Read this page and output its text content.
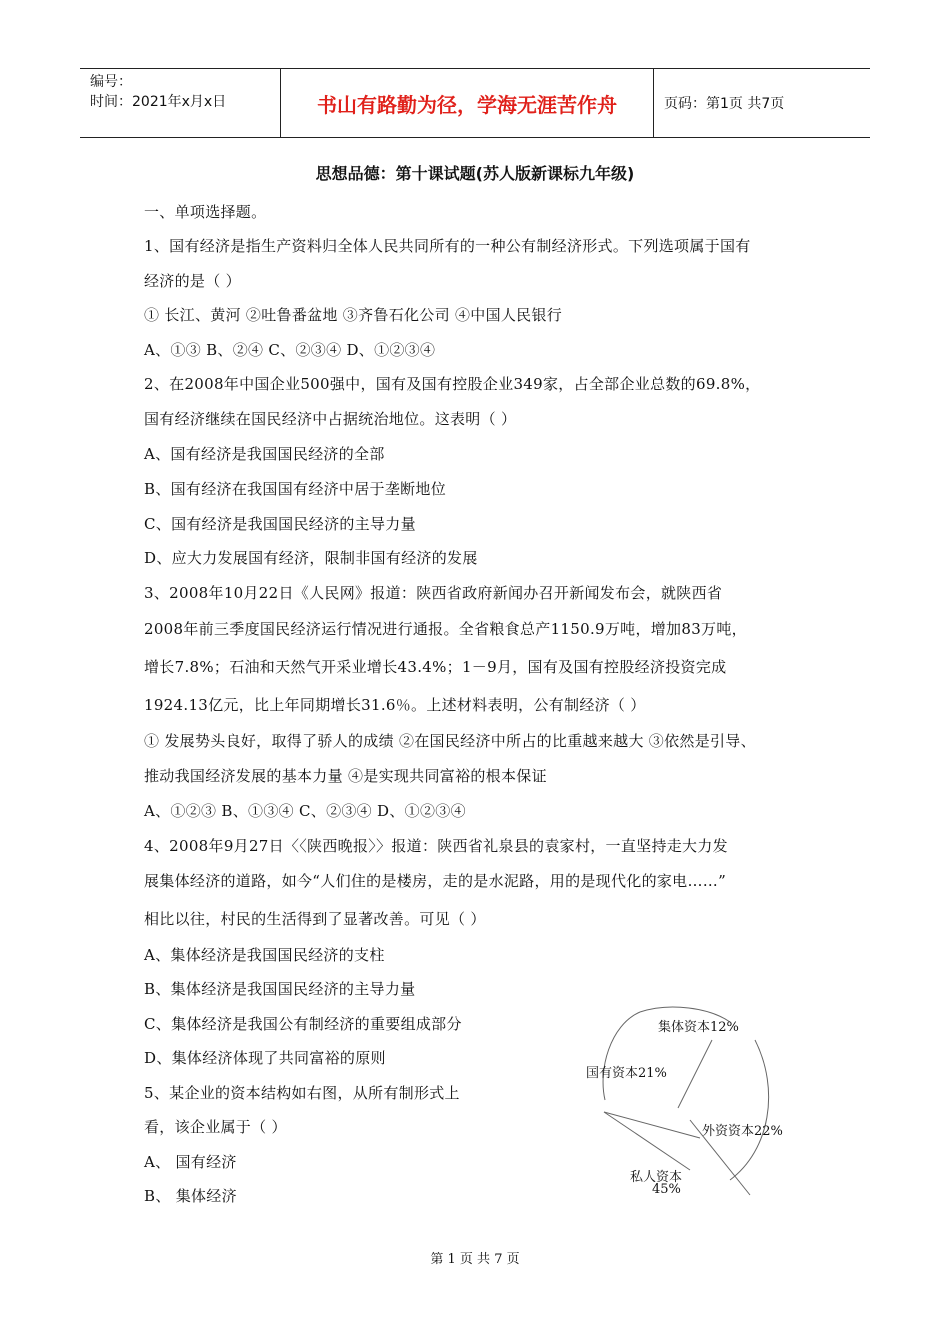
编号：
时间：2021年x月x日	书山有路勤为径，学海无涯苦作舟	页码：第1页 共7页
思想品德：第十课试题(苏人版新课标九年级)
一、单项选择题。
1、国有经济是指生产资料归全体人民共同所有的一种公有制经济形式。下列选项属于国有
经济的是（ ）
① 长江、黄河 ②吐鲁番盆地 ③齐鲁石化公司 ④中国人民银行
A、①③ B、②④ C、②③④ D、①②③④
2、在2008年中国企业500强中，国有及国有控股企业349家，占全部企业总数的69.8%，
国有经济继续在国民经济中占据统治地位。这表明（ ）
A、国有经济是我国国民经济的全部
B、国有经济在我国国有经济中居于垄断地位
C、国有经济是我国国民经济的主导力量
D、应大力发展国有经济，限制非国有经济的发展
3、2008年10月22日《人民网》报道：陕西省政府新闻办召开新闻发布会，就陕西省
2008年前三季度国民经济运行情况进行通报。全省粮食总产1150.9万吨，增加83万吨，
增长7.8%；石油和天然气开采业增长43.4%；1－9月，国有及国有控股经济投资完成
1924.13亿元，比上年同期增长31.6％。上述材料表明，公有制经济（ ）
① 发展势头良好，取得了骄人的成绩 ②在国民经济中所占的比重越来越大 ③依然是引导、
推动我国经济发展的基本力量 ④是实现共同富裕的根本保证
A、①②③ B、①③④ C、②③④ D、①②③④
4、2008年9月27日〈〈陕西晚报〉〉报道：陕西省礼泉县的袁家村，一直坚持走大力发
展集体经济的道路，如今“人们住的是楼房，走的是水泥路，用的是现代化的家电……”
相比以往，村民的生活得到了显著改善。可见（ ）
A、集体经济是我国国民经济的支柱
B、集体经济是我国国民经济的主导力量
C、集体经济是我国公有制经济的重要组成部分
D、集体经济体现了共同富裕的原则
5、某企业的资本结构如右图，从所有制形式上
看，该企业属于（ ）
A、 国有经济
B、 集体经济
集体资本12%
国有资本21%
外资资本22%
私人资本
45%
第 1 页 共 7 页
